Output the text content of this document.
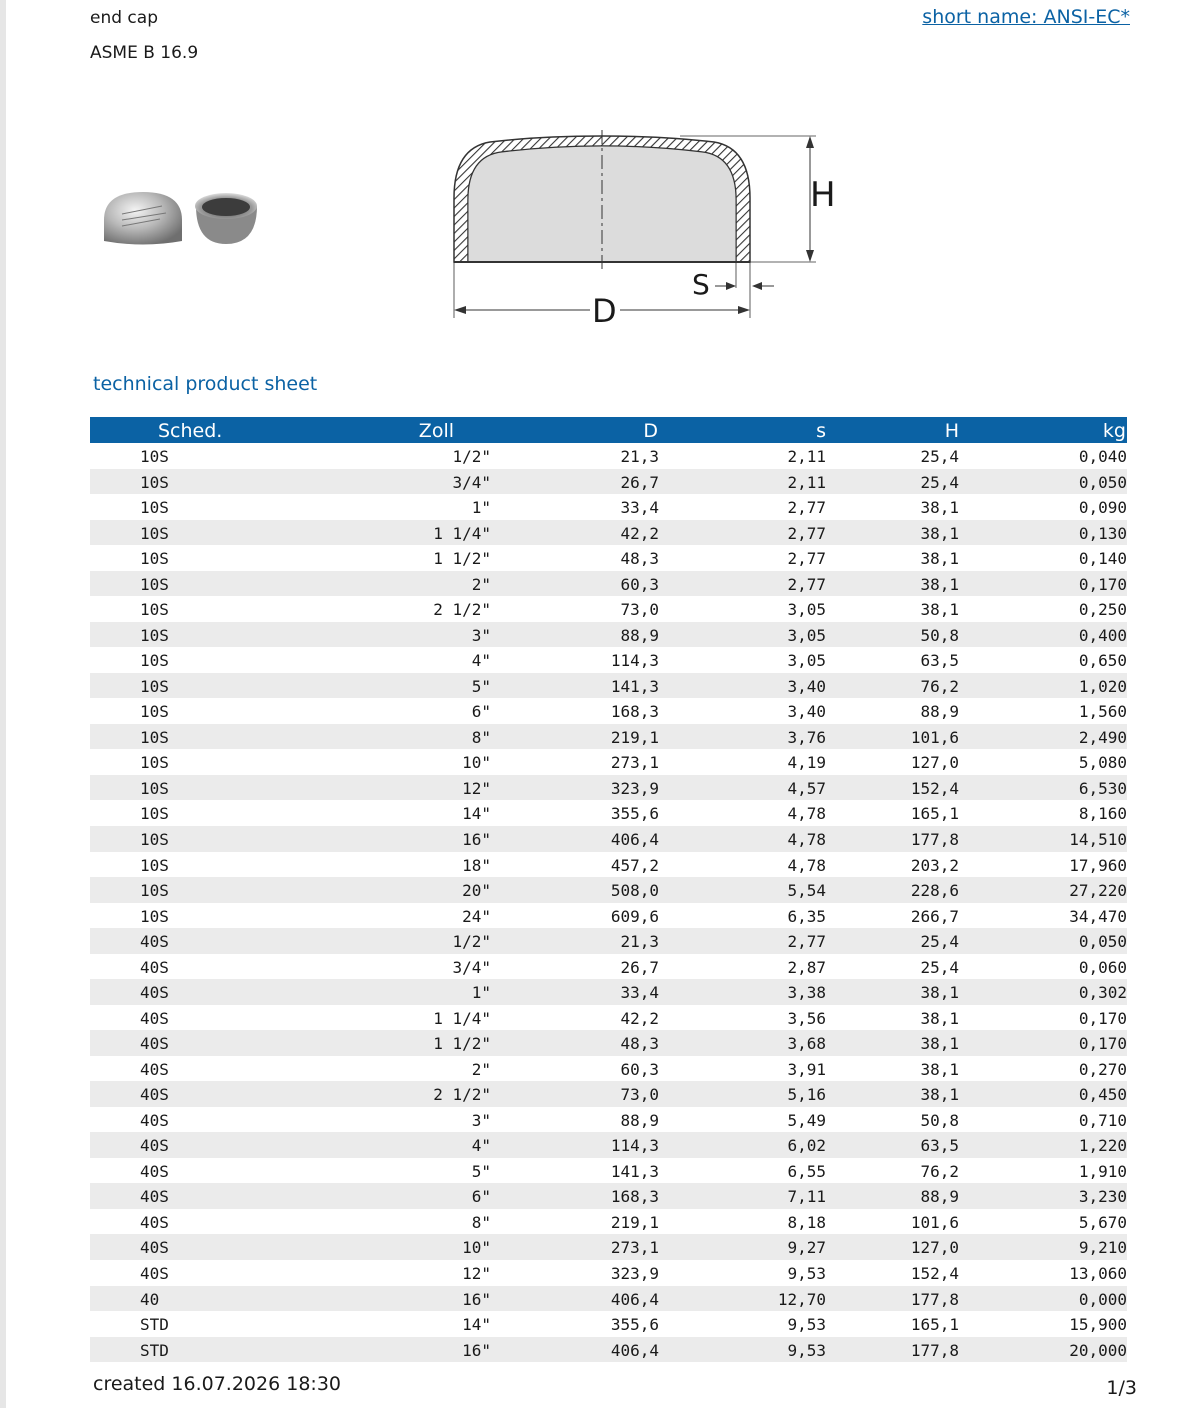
end cap
ASME B 16.9
short name: ANSI-EC*
H
S
D
technical product sheet
Sched.	Zoll	D	s	H	kg
10S	1/2"	21,3	2,11	25,4	0,040
10S	3/4"	26,7	2,11	25,4	0,050
10S	1"	33,4	2,77	38,1	0,090
10S	1 1/4"	42,2	2,77	38,1	0,130
10S	1 1/2"	48,3	2,77	38,1	0,140
10S	2"	60,3	2,77	38,1	0,170
10S	2 1/2"	73,0	3,05	38,1	0,250
10S	3"	88,9	3,05	50,8	0,400
10S	4"	114,3	3,05	63,5	0,650
10S	5"	141,3	3,40	76,2	1,020
10S	6"	168,3	3,40	88,9	1,560
10S	8"	219,1	3,76	101,6	2,490
10S	10"	273,1	4,19	127,0	5,080
10S	12"	323,9	4,57	152,4	6,530
10S	14"	355,6	4,78	165,1	8,160
10S	16"	406,4	4,78	177,8	14,510
10S	18"	457,2	4,78	203,2	17,960
10S	20"	508,0	5,54	228,6	27,220
10S	24"	609,6	6,35	266,7	34,470
40S	1/2"	21,3	2,77	25,4	0,050
40S	3/4"	26,7	2,87	25,4	0,060
40S	1"	33,4	3,38	38,1	0,302
40S	1 1/4"	42,2	3,56	38,1	0,170
40S	1 1/2"	48,3	3,68	38,1	0,170
40S	2"	60,3	3,91	38,1	0,270
40S	2 1/2"	73,0	5,16	38,1	0,450
40S	3"	88,9	5,49	50,8	0,710
40S	4"	114,3	6,02	63,5	1,220
40S	5"	141,3	6,55	76,2	1,910
40S	6"	168,3	7,11	88,9	3,230
40S	8"	219,1	8,18	101,6	5,670
40S	10"	273,1	9,27	127,0	9,210
40S	12"	323,9	9,53	152,4	13,060
40	16"	406,4	12,70	177,8	0,000
STD	14"	355,6	9,53	165,1	15,900
STD	16"	406,4	9,53	177,8	20,000
created 16.07.2026 18:30	1/3
